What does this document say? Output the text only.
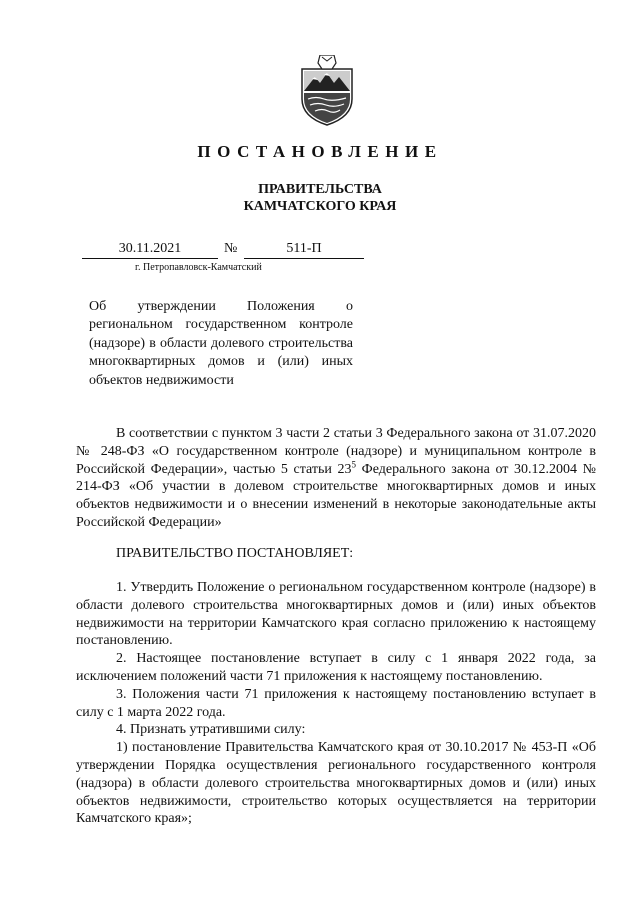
ПОСТАНОВЛЕНИЕ
ПРАВИТЕЛЬСТВА
КАМЧАТСКОГО КРАЯ
30.11.2021	№	511-П
г. Петропавловск-Камчатский
Об утверждении Положения о региональном государственном контроле (надзоре) в области долевого строительства многоквартирных домов и (или) иных объектов недвижимости

В соответствии с пунктом 3 части 2 статьи 3 Федерального закона от 31.07.2020 № 248-ФЗ «О государственном контроле (надзоре) и муниципальном контроле в Российской Федерации», частью 5 статьи $23^5$ Федерального закона от 30.12.2004 № 214-ФЗ «Об участии в долевом строительстве многоквартирных домов и иных объектов недвижимости и о внесении изменений в некоторые законодательные акты Российской Федерации»

ПРАВИТЕЛЬСТВО ПОСТАНОВЛЯЕТ:

1. Утвердить Положение о региональном государственном контроле (надзоре) в области долевого строительства многоквартирных домов и (или) иных объектов недвижимости на территории Камчатского края согласно приложению к настоящему постановлению.

2. Настоящее постановление вступает в силу с 1 января 2022 года, за исключением положений части 71 приложения к настоящему постановлению.

3. Положения части 71 приложения к настоящему постановлению вступает в силу с 1 марта 2022 года.

4. Признать утратившими силу:

1) постановление Правительства Камчатского края от 30.10.2017 № 453-П «Об утверждении Порядка осуществления регионального государственного контроля (надзора) в области долевого строительства многоквартирных домов и (или) иных объектов недвижимости, строительство которых осуществляется на территории Камчатского края»;
